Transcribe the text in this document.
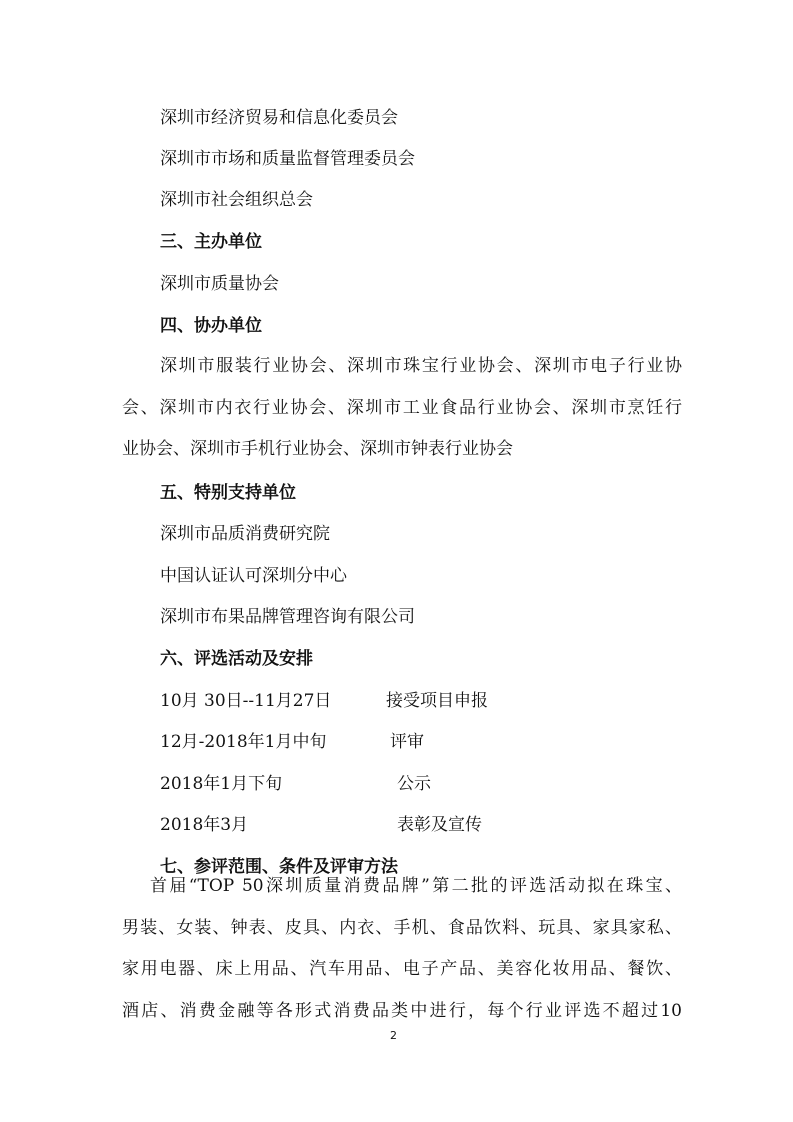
深圳市经济贸易和信息化委员会
深圳市市场和质量监督管理委员会
深圳市社会组织总会
三、主办单位
深圳市质量协会
四、协办单位

深圳市服装行业协会、深圳市珠宝行业协会、深圳市电子行业协

会、深圳市内衣行业协会、深圳市工业食品行业协会、深圳市烹饪行

业协会、深圳市手机行业协会、深圳市钟表行业协会

五、特别支持单位
深圳市品质消费研究院
中国认证认可深圳分中心
深圳市布果品牌管理咨询有限公司
六、评选活动及安排
10月 30日--11月27日	接受项目申报
12月-2018年1月中旬	评审
2018年1月下旬	公示
2018年3月	表彰及宣传
七、参评范围、条件及评审方法

首届“TOP 50深圳质量消费品牌”第二批的评选活动拟在珠宝、

男装、女装、钟表、皮具、内衣、手机、食品饮料、玩具、家具家私、

家用电器、床上用品、汽车用品、电子产品、美容化妆用品、餐饮、

酒店、消费金融等各形式消费品类中进行，每个行业评选不超过10

2
